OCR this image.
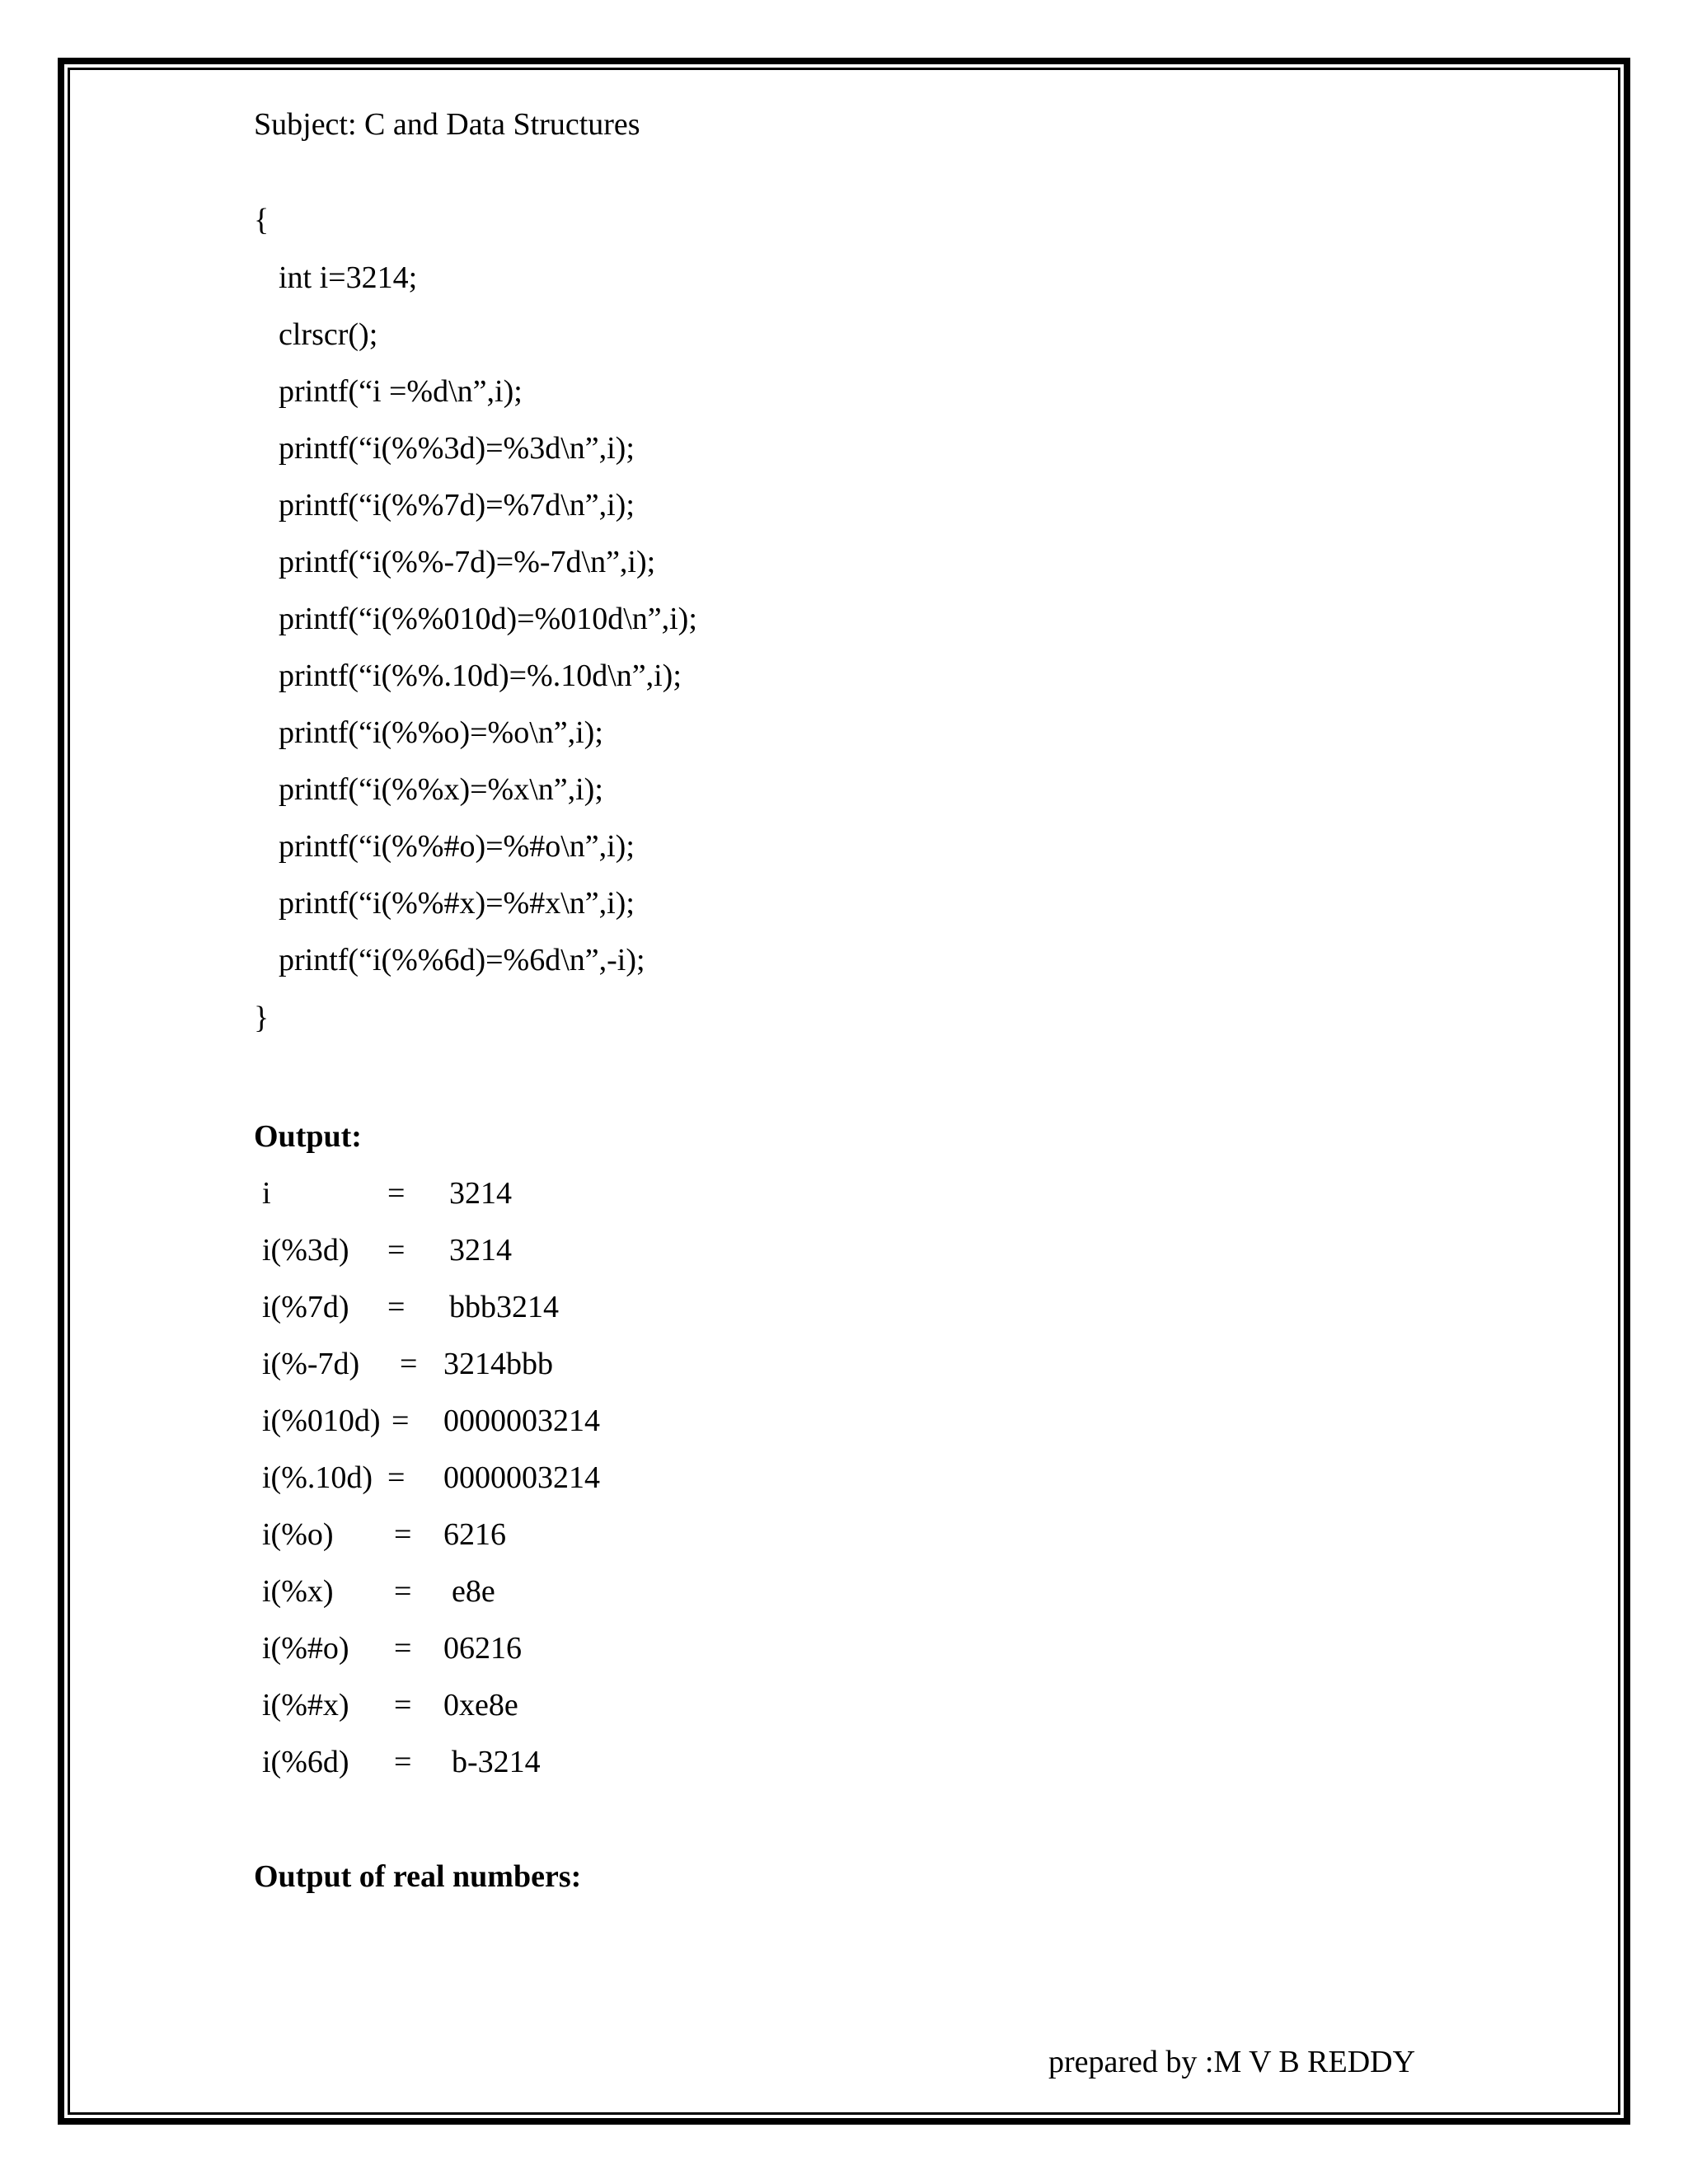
Subject: C and Data Structures
{
int i=3214;
clrscr();
printf(“i =%d\n”,i);
printf(“i(%%3d)=%3d\n”,i);
printf(“i(%%7d)=%7d\n”,i);
printf(“i(%%-7d)=%-7d\n”,i);
printf(“i(%%010d)=%010d\n”,i);
printf(“i(%%.10d)=%.10d\n”,i);
printf(“i(%%o)=%o\n”,i);
printf(“i(%%x)=%x\n”,i);
printf(“i(%%#o)=%#o\n”,i);
printf(“i(%%#x)=%#x\n”,i);
printf(“i(%%6d)=%6d\n”,-i);
}
Output:
i	= 3214
i(%3d) = 3214
i(%7d) = bbb3214
i(%-7d) = 3214bbb
i(%010d) = 0000003214
i(%.10d) = 0000003214
i(%o) = 6216
i(%x) = e8e
i(%#o) = 06216
i(%#x) = 0xe8e
i(%6d) = b-3214
Output of real numbers:
prepared by :M V B REDDY
